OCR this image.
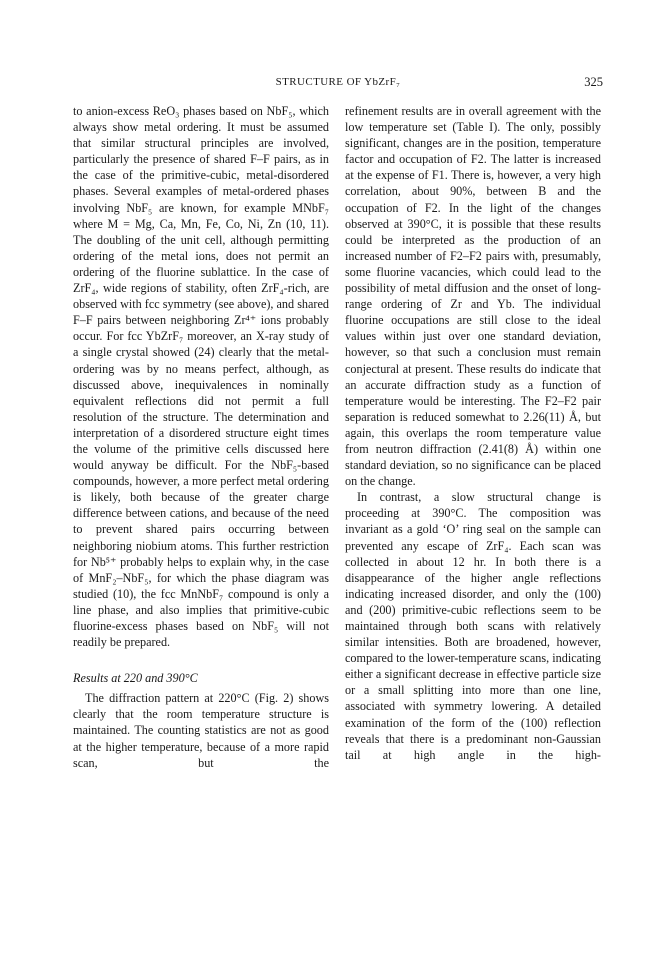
STRUCTURE OF YbZrF₇	325

to anion-excess ReO₃ phases based on NbF₅, which always show metal ordering. It must be assumed that similar structural principles are involved, particularly the presence of shared F–F pairs, as in the case of the primitive-cubic, metal-disordered phases. Several examples of metal-ordered phases involving NbF₅ are known, for example MNbF₇ where M = Mg, Ca, Mn, Fe, Co, Ni, Zn (10, 11). The doubling of the unit cell, although permitting ordering of the metal ions, does not permit an ordering of the fluorine sublattice. In the case of ZrF₄, wide regions of stability, often ZrF₄-rich, are observed with fcc symmetry (see above), and shared F–F pairs between neighboring Zr⁴⁺ ions probably occur. For fcc YbZrF₇ moreover, an X-ray study of a single crystal showed (24) clearly that the metal-ordering was by no means perfect, although, as discussed above, inequivalences in nominally equivalent reflections did not permit a full resolution of the structure. The determination and interpretation of a disordered structure eight times the volume of the primitive cells discussed here would anyway be difficult. For the NbF₅-based compounds, however, a more perfect metal ordering is likely, both because of the greater charge difference between cations, and because of the need to prevent shared pairs occurring between neighboring niobium atoms. This further restriction for Nb⁵⁺ probably helps to explain why, in the case of MnF₂–NbF₅, for which the phase diagram was studied (10), the fcc MnNbF₇ compound is only a line phase, and also implies that primitive-cubic fluorine-excess phases based on NbF₅ will not readily be prepared.

Results at 220 and 390°C

The diffraction pattern at 220°C (Fig. 2) shows clearly that the room temperature structure is maintained. The counting statistics are not as good at the higher temperature, because of a more rapid scan, but the

refinement results are in overall agreement with the low temperature set (Table I). The only, possibly significant, changes are in the position, temperature factor and occupation of F2. The latter is increased at the expense of F1. There is, however, a very high correlation, about 90%, between B and the occupation of F2. In the light of the changes observed at 390°C, it is possible that these results could be interpreted as the production of an increased number of F2–F2 pairs with, presumably, some fluorine vacancies, which could lead to the possibility of metal diffusion and the onset of long-range ordering of Zr and Yb. The individual fluorine occupations are still close to the ideal values within just over one standard deviation, however, so that such a conclusion must remain conjectural at present. These results do indicate that an accurate diffraction study as a function of temperature would be interesting. The F2–F2 pair separation is reduced somewhat to 2.26(11) Å, but again, this overlaps the room temperature value from neutron diffraction (2.41(8) Å) within one standard deviation, so no significance can be placed on the change.

In contrast, a slow structural change is proceeding at 390°C. The composition was invariant as a gold ‘O’ ring seal on the sample can prevented any escape of ZrF₄. Each scan was collected in about 12 hr. In both there is a disappearance of the higher angle reflections indicating increased disorder, and only the (100) and (200) primitive-cubic reflections seem to be maintained through both scans with relatively similar intensities. Both are broadened, however, compared to the lower-temperature scans, indicating either a significant decrease in effective particle size or a small splitting into more than one line, associated with symmetry lowering. A detailed examination of the form of the (100) reflection reveals that there is a predominant non-Gaussian tail at high angle in the high-
